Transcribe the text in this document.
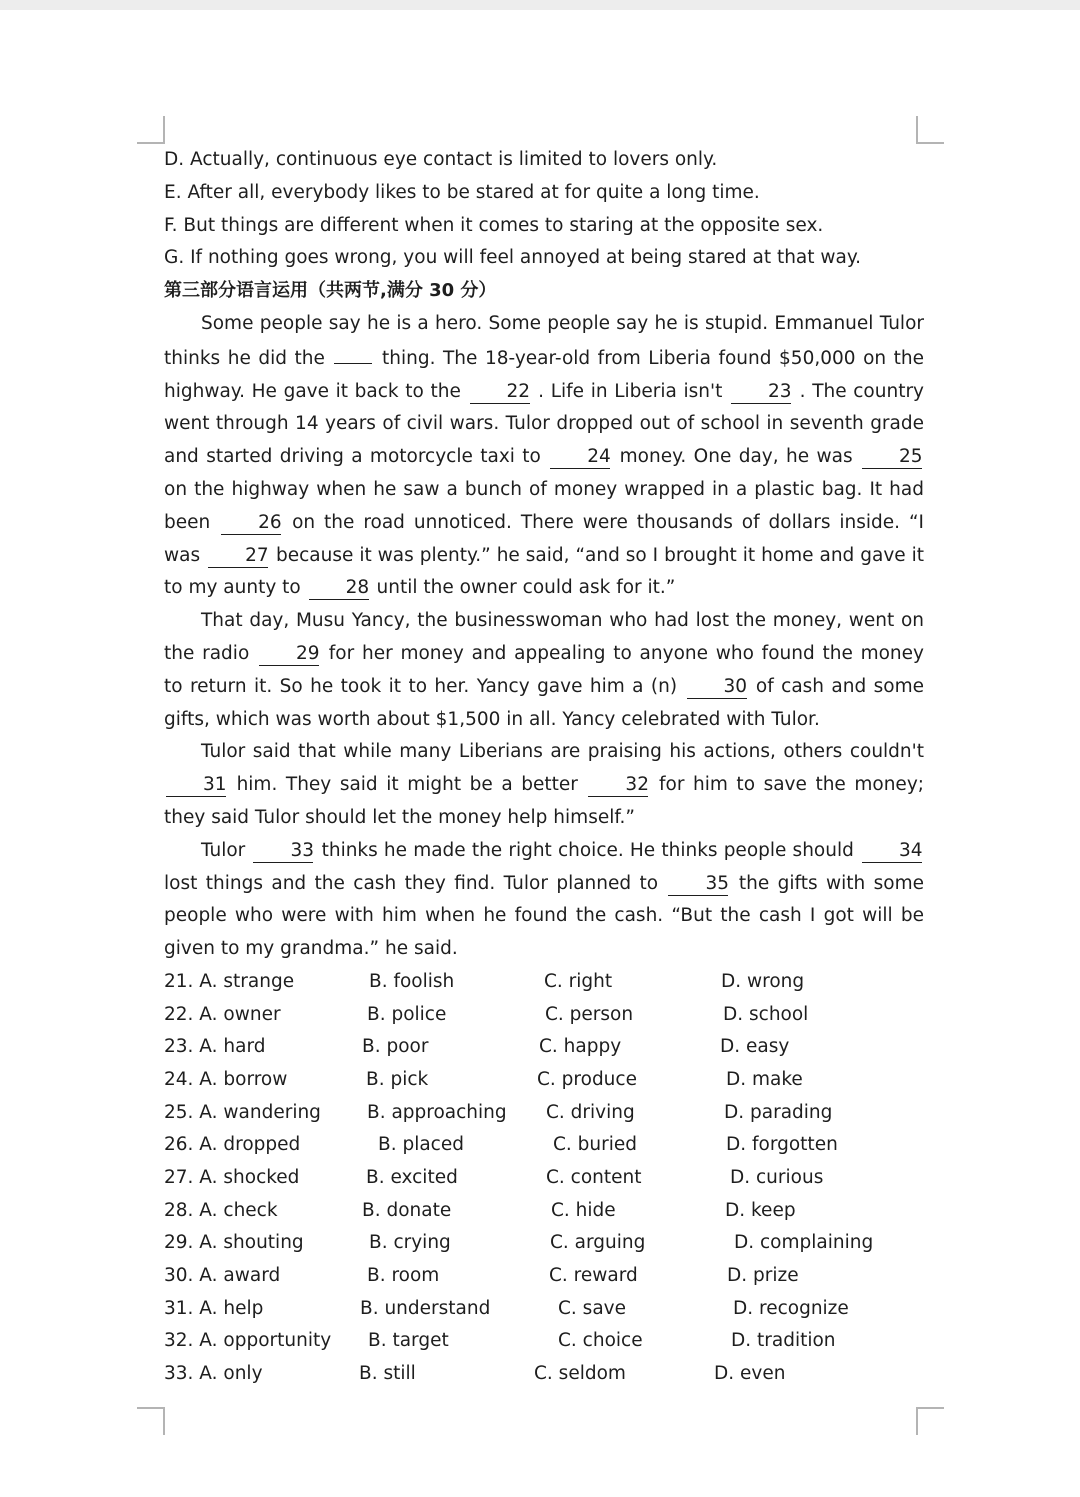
D. Actually, continuous eye contact is limited to lovers only.
E. After all, everybody likes to be stared at for quite a long time.
F. But things are different when it comes to staring at the opposite sex.
G. If nothing goes wrong, you will feel annoyed at being stared at that way.
第三部分语言运用（共两节,满分 30 分）

Some people say he is a hero. Some people say he is stupid. Emmanuel Tulor thinks he did the  thing. The 18-year-old from Liberia found $50,000 on the highway. He gave it back to the 22 . Life in Liberia isn't 23 . The country went through 14 years of civil wars. Tulor dropped out of school in seventh grade and started driving a motorcycle taxi to 24 money. One day, he was 25 on the highway when he saw a bunch of money wrapped in a plastic bag. It had been 26 on the road unnoticed. There were thousands of dollars inside. “I was 27 because it was plenty.” he said, “and so I brought it home and gave it to my aunty to 28 until the owner could ask for it.”

That day, Musu Yancy, the businesswoman who had lost the money, went on the radio 29 for her money and appealing to anyone who found the money to return it. So he took it to her. Yancy gave him a (n) 30 of cash and some gifts, which was worth about $1,500 in all. Yancy celebrated with Tulor.

Tulor said that while many Liberians are praising his actions, others couldn't 31 him. They said it might be a better 32 for him to save the money; they said Tulor should let the money help himself.”

Tulor 33 thinks he made the right choice. He thinks people should 34 lost things and the cash they find. Tulor planned to 35 the gifts with some people who were with him when he found the cash. “But the cash I got will be given to my grandma.” he said.

21. A. strange	B. foolish	C. right	D. wrong
22. A. owner	B. police	C. person	D. school
23. A. hard	B. poor	C. happy	D. easy
24. A. borrow	B. pick	C. produce	D. make
25. A. wandering B. approaching C. driving	D. parading
26. A. dropped	B. placed	C. buried	D. forgotten
27. A. shocked	B. excited	C. content	D. curious
28. A. check	B. donate	C. hide	D. keep
29. A. shouting	B. crying	C. arguing	D. complaining
30. A. award	B. room	C. reward	D. prize
31. A. help	B. understand	C. save	D. recognize
32. A. opportunity B. target	C. choice	D. tradition
33. A. only	B. still	C. seldom	D. even
